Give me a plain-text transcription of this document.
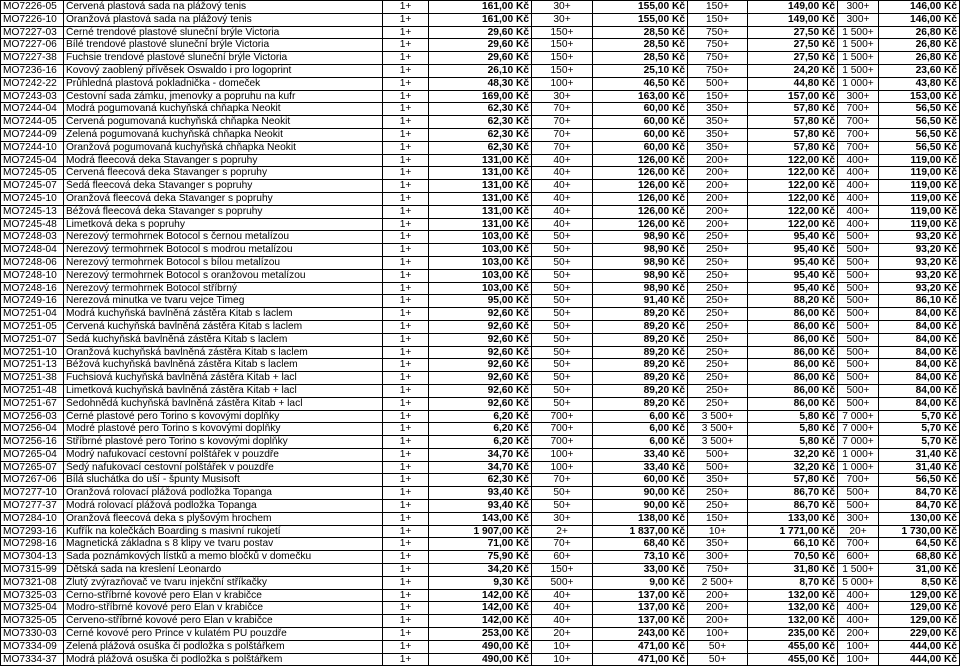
MO7226-05	Červená plastová sada na plážový tenis	1+	161,00 Kč	30+	155,00 Kč	150+	149,00 Kč	300+	146,00 Kč
MO7226-10	Oranžová plastová sada na plážový tenis	1+	161,00 Kč	30+	155,00 Kč	150+	149,00 Kč	300+	146,00 Kč
MO7227-03	Černé trendové plastové sluneční brýle Victoria	1+	29,60 Kč	150+	28,50 Kč	750+	27,50 Kč	1 500+	26,80 Kč
MO7227-06	Bílé trendové plastové sluneční brýle Victoria	1+	29,60 Kč	150+	28,50 Kč	750+	27,50 Kč	1 500+	26,80 Kč
MO7227-38	Fuchsie trendové plastové sluneční brýle Victoria	1+	29,60 Kč	150+	28,50 Kč	750+	27,50 Kč	1 500+	26,80 Kč
MO7236-16	Kovový zaoblený přívěsek Oswaldo i pro logoprint	1+	26,10 Kč	150+	25,10 Kč	750+	24,20 Kč	1 500+	23,60 Kč
MO7242-22	Průhledná plastová pokladnička - domeček	1+	48,30 Kč	100+	46,50 Kč	500+	44,80 Kč	1 000+	43,80 Kč
MO7243-03	Cestovní sada zámku, jmenovky a popruhu na kufr	1+	169,00 Kč	30+	163,00 Kč	150+	157,00 Kč	300+	153,00 Kč
MO7244-04	Modrá pogumovaná kuchyňská chňapka Neokit	1+	62,30 Kč	70+	60,00 Kč	350+	57,80 Kč	700+	56,50 Kč
MO7244-05	Červená pogumovaná kuchyňská chňapka Neokit	1+	62,30 Kč	70+	60,00 Kč	350+	57,80 Kč	700+	56,50 Kč
MO7244-09	Zelená pogumovaná kuchyňská chňapka Neokit	1+	62,30 Kč	70+	60,00 Kč	350+	57,80 Kč	700+	56,50 Kč
MO7244-10	Oranžová pogumovaná kuchyňská chňapka Neokit	1+	62,30 Kč	70+	60,00 Kč	350+	57,80 Kč	700+	56,50 Kč
MO7245-04	Modrá fleecová deka Stavanger s popruhy	1+	131,00 Kč	40+	126,00 Kč	200+	122,00 Kč	400+	119,00 Kč
MO7245-05	Červená fleecová deka Stavanger s popruhy	1+	131,00 Kč	40+	126,00 Kč	200+	122,00 Kč	400+	119,00 Kč
MO7245-07	Šedá fleecová deka Stavanger s popruhy	1+	131,00 Kč	40+	126,00 Kč	200+	122,00 Kč	400+	119,00 Kč
MO7245-10	Oranžová fleecová deka Stavanger s popruhy	1+	131,00 Kč	40+	126,00 Kč	200+	122,00 Kč	400+	119,00 Kč
MO7245-13	Béžová fleecová deka Stavanger s popruhy	1+	131,00 Kč	40+	126,00 Kč	200+	122,00 Kč	400+	119,00 Kč
MO7245-48	Limetková deka s popruhy	1+	131,00 Kč	40+	126,00 Kč	200+	122,00 Kč	400+	119,00 Kč
MO7248-03	Nerezový termohrnek Botocol s černou metalízou	1+	103,00 Kč	50+	98,90 Kč	250+	95,40 Kč	500+	93,20 Kč
MO7248-04	Nerezový termohrnek Botocol s modrou metalízou	1+	103,00 Kč	50+	98,90 Kč	250+	95,40 Kč	500+	93,20 Kč
MO7248-06	Nerezový termohrnek Botocol s bílou metalízou	1+	103,00 Kč	50+	98,90 Kč	250+	95,40 Kč	500+	93,20 Kč
MO7248-10	Nerezový termohrnek Botocol s oranžovou metalízou	1+	103,00 Kč	50+	98,90 Kč	250+	95,40 Kč	500+	93,20 Kč
MO7248-16	Nerezový termohrnek Botocol stříbrný	1+	103,00 Kč	50+	98,90 Kč	250+	95,40 Kč	500+	93,20 Kč
MO7249-16	Nerezová minutka ve tvaru vejce Timeg	1+	95,00 Kč	50+	91,40 Kč	250+	88,20 Kč	500+	86,10 Kč
MO7251-04	Modrá kuchyňská bavlněná zástěra Kitab s laclem	1+	92,60 Kč	50+	89,20 Kč	250+	86,00 Kč	500+	84,00 Kč
MO7251-05	Červená kuchyňská bavlněná zástěra Kitab s laclem	1+	92,60 Kč	50+	89,20 Kč	250+	86,00 Kč	500+	84,00 Kč
MO7251-07	Šedá kuchyňská bavlněná zástěra Kitab s laclem	1+	92,60 Kč	50+	89,20 Kč	250+	86,00 Kč	500+	84,00 Kč
MO7251-10	Oranžová kuchyňská bavlněná zástěra Kitab s laclem	1+	92,60 Kč	50+	89,20 Kč	250+	86,00 Kč	500+	84,00 Kč
MO7251-13	Béžová kuchyňská bavlněná zástěra Kitab s laclem	1+	92,60 Kč	50+	89,20 Kč	250+	86,00 Kč	500+	84,00 Kč
MO7251-38	Fuchsiová kuchyňská bavlněná zástěra Kitab + lacl	1+	92,60 Kč	50+	89,20 Kč	250+	86,00 Kč	500+	84,00 Kč
MO7251-48	Limetková kuchyňská bavlněná zástěra Kitab + lacl	1+	92,60 Kč	50+	89,20 Kč	250+	86,00 Kč	500+	84,00 Kč
MO7251-67	Šedohnědá kuchyňská bavlněná zástěra Kitab + lacl	1+	92,60 Kč	50+	89,20 Kč	250+	86,00 Kč	500+	84,00 Kč
MO7256-03	Černé plastové pero Torino s kovovými doplňky	1+	6,20 Kč	700+	6,00 Kč	3 500+	5,80 Kč	7 000+	5,70 Kč
MO7256-04	Modré plastové pero Torino s kovovými doplňky	1+	6,20 Kč	700+	6,00 Kč	3 500+	5,80 Kč	7 000+	5,70 Kč
MO7256-16	Stříbrné plastové pero Torino s kovovými doplňky	1+	6,20 Kč	700+	6,00 Kč	3 500+	5,80 Kč	7 000+	5,70 Kč
MO7265-04	Modrý nafukovací cestovní polštářek v pouzdře	1+	34,70 Kč	100+	33,40 Kč	500+	32,20 Kč	1 000+	31,40 Kč
MO7265-07	Šedý nafukovací cestovní polštářek v pouzdře	1+	34,70 Kč	100+	33,40 Kč	500+	32,20 Kč	1 000+	31,40 Kč
MO7267-06	Bílá sluchátka do uší - špunty Musisoft	1+	62,30 Kč	70+	60,00 Kč	350+	57,80 Kč	700+	56,50 Kč
MO7277-10	Oranžová rolovací plážová podložka Topanga	1+	93,40 Kč	50+	90,00 Kč	250+	86,70 Kč	500+	84,70 Kč
MO7277-37	Modrá rolovací plážová podložka Topanga	1+	93,40 Kč	50+	90,00 Kč	250+	86,70 Kč	500+	84,70 Kč
MO7284-10	Oranžová fleecová deka s plyšovým hrochem	1+	143,00 Kč	30+	138,00 Kč	150+	133,00 Kč	300+	130,00 Kč
MO7293-16	Kufřík na kolečkách Boarding s masivní rukojetí	1+	1 907,00 Kč	2+	1 837,00 Kč	10+	1 771,00 Kč	20+	1 730,00 Kč
MO7298-16	Magnetická základna s 8 klipy ve tvaru postav	1+	71,00 Kč	70+	68,40 Kč	350+	66,10 Kč	700+	64,50 Kč
MO7304-13	Sada poznámkových lístků a memo bločků v domečku	1+	75,90 Kč	60+	73,10 Kč	300+	70,50 Kč	600+	68,80 Kč
MO7315-99	Dětská sada na kreslení Leonardo	1+	34,20 Kč	150+	33,00 Kč	750+	31,80 Kč	1 500+	31,00 Kč
MO7321-08	Žlutý zvýrazňovač ve tvaru injekční stříkačky	1+	9,30 Kč	500+	9,00 Kč	2 500+	8,70 Kč	5 000+	8,50 Kč
MO7325-03	Černo-stříbrné kovové pero Elan v krabičce	1+	142,00 Kč	40+	137,00 Kč	200+	132,00 Kč	400+	129,00 Kč
MO7325-04	Modro-stříbrné kovové pero Elan v krabičce	1+	142,00 Kč	40+	137,00 Kč	200+	132,00 Kč	400+	129,00 Kč
MO7325-05	Červeno-stříbrné kovové pero Elan v krabičce	1+	142,00 Kč	40+	137,00 Kč	200+	132,00 Kč	400+	129,00 Kč
MO7330-03	Černé kovové pero Prince v kulatém PU pouzdře	1+	253,00 Kč	20+	243,00 Kč	100+	235,00 Kč	200+	229,00 Kč
MO7334-09	Zelená plážová osuška či podložka s polštářkem	1+	490,00 Kč	10+	471,00 Kč	50+	455,00 Kč	100+	444,00 Kč
MO7334-37	Modrá plážová osuška či podložka s polštářkem	1+	490,00 Kč	10+	471,00 Kč	50+	455,00 Kč	100+	444,00 Kč
